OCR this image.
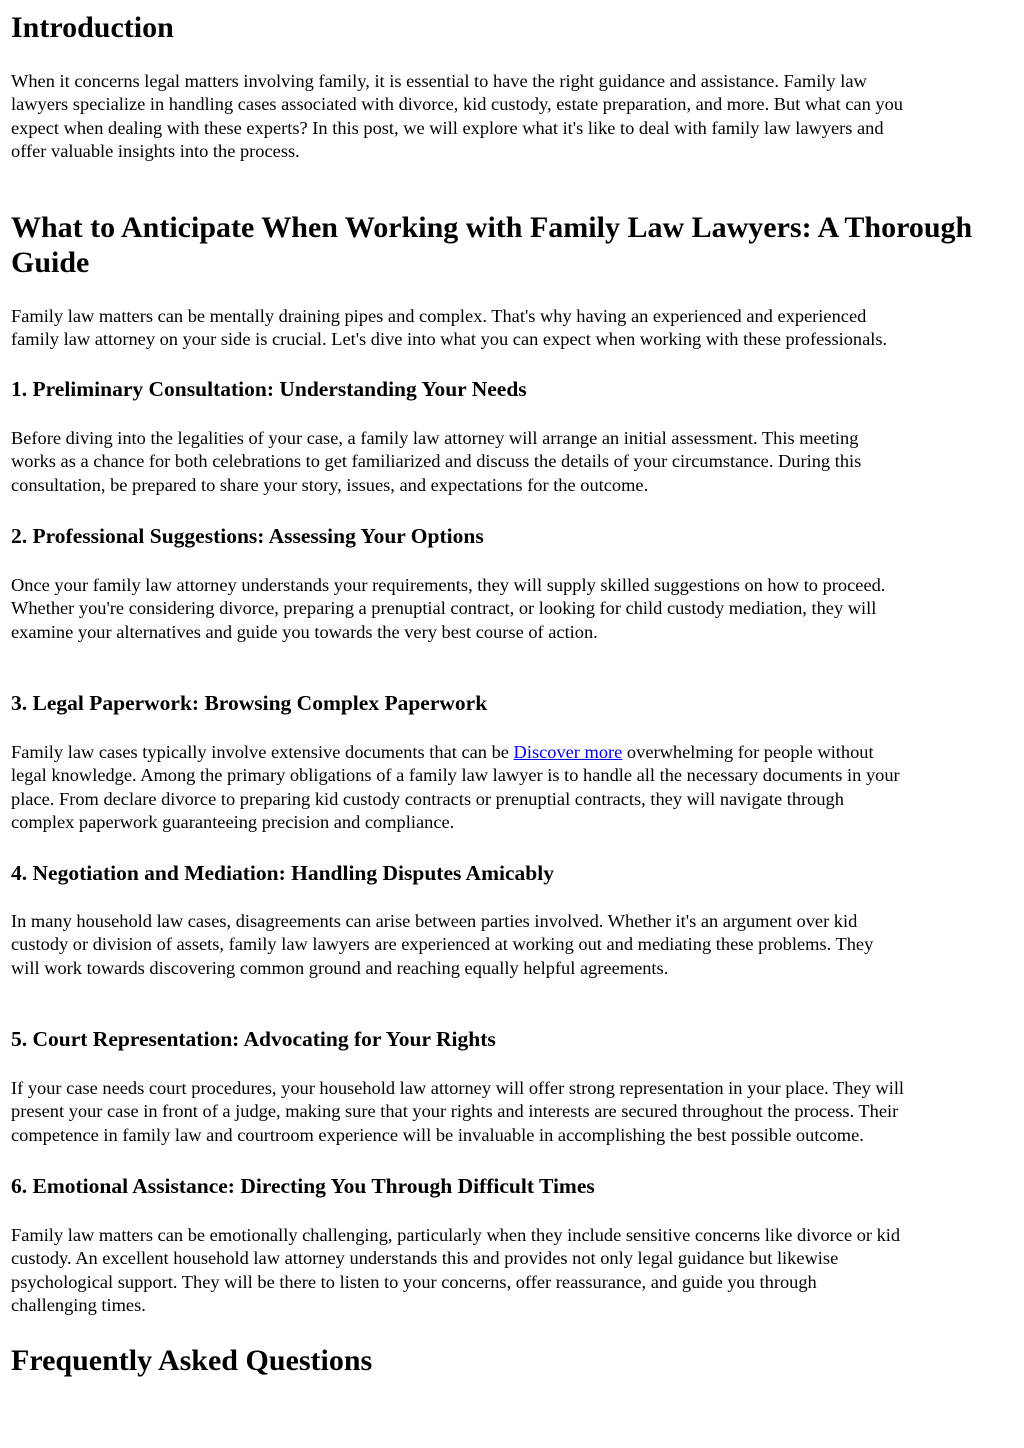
Introduction

When it concerns legal matters involving family, it is essential to have the right guidance and assistance. Family law
lawyers specialize in handling cases associated with divorce, kid custody, estate preparation, and more. But what can you
expect when dealing with these experts? In this post, we will explore what it's like to deal with family law lawyers and
offer valuable insights into the process.

What to Anticipate When Working with Family Law Lawyers: A Thorough
Guide

Family law matters can be mentally draining pipes and complex. That's why having an experienced and experienced
family law attorney on your side is crucial. Let's dive into what you can expect when working with these professionals.

1. Preliminary Consultation: Understanding Your Needs

Before diving into the legalities of your case, a family law attorney will arrange an initial assessment. This meeting
works as a chance for both celebrations to get familiarized and discuss the details of your circumstance. During this
consultation, be prepared to share your story, issues, and expectations for the outcome.

2. Professional Suggestions: Assessing Your Options

Once your family law attorney understands your requirements, they will supply skilled suggestions on how to proceed.
Whether you're considering divorce, preparing a prenuptial contract, or looking for child custody mediation, they will
examine your alternatives and guide you towards the very best course of action.

3. Legal Paperwork: Browsing Complex Paperwork

Family law cases typically involve extensive documents that can be Discover more overwhelming for people without
legal knowledge. Among the primary obligations of a family law lawyer is to handle all the necessary documents in your
place. From declare divorce to preparing kid custody contracts or prenuptial contracts, they will navigate through
complex paperwork guaranteeing precision and compliance.

4. Negotiation and Mediation: Handling Disputes Amicably

In many household law cases, disagreements can arise between parties involved. Whether it's an argument over kid
custody or division of assets, family law lawyers are experienced at working out and mediating these problems. They
will work towards discovering common ground and reaching equally helpful agreements.

5. Court Representation: Advocating for Your Rights

If your case needs court procedures, your household law attorney will offer strong representation in your place. They will
present your case in front of a judge, making sure that your rights and interests are secured throughout the process. Their
competence in family law and courtroom experience will be invaluable in accomplishing the best possible outcome.

6. Emotional Assistance: Directing You Through Difficult Times

Family law matters can be emotionally challenging, particularly when they include sensitive concerns like divorce or kid
custody. An excellent household law attorney understands this and provides not only legal guidance but likewise
psychological support. They will be there to listen to your concerns, offer reassurance, and guide you through
challenging times.

Frequently Asked Questions
